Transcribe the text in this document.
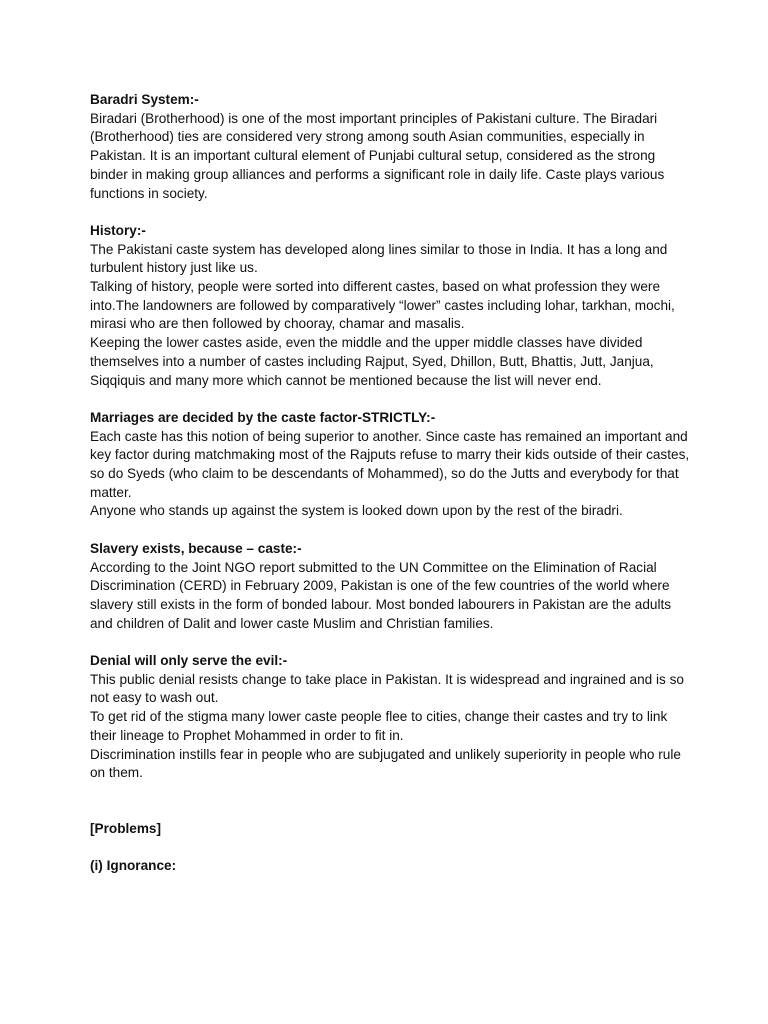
Baradri System:-

Biradari (Brotherhood) is one of the most important principles of Pakistani culture. The Biradari (Brotherhood) ties are considered very strong among south Asian communities, especially in Pakistan. It is an important cultural element of Punjabi cultural setup, considered as the strong binder in making group alliances and performs a significant role in daily life. Caste plays various functions in society.

History:-

The Pakistani caste system has developed along lines similar to those in India. It has a long and turbulent history just like us.

Talking of history, people were sorted into different castes, based on what profession they were into.The landowners are followed by comparatively “lower” castes including lohar, tarkhan, mochi, mirasi who are then followed by chooray, chamar and masalis.

Keeping the lower castes aside, even the middle and the upper middle classes have divided themselves into a number of castes including Rajput, Syed, Dhillon, Butt, Bhattis, Jutt, Janjua, Siqqiquis and many more which cannot be mentioned because the list will never end.

Marriages are decided by the caste factor-STRICTLY:-

Each caste has this notion of being superior to another. Since caste has remained an important and key factor during matchmaking most of the Rajputs refuse to marry their kids outside of their castes, so do Syeds (who claim to be descendants of Mohammed), so do the Jutts and everybody for that matter.

Anyone who stands up against the system is looked down upon by the rest of the biradri.

Slavery exists, because – caste:-

According to the Joint NGO report submitted to the UN Committee on the Elimination of Racial Discrimination (CERD) in February 2009, Pakistan is one of the few countries of the world where slavery still exists in the form of bonded labour. Most bonded labourers in Pakistan are the adults and children of Dalit and lower caste Muslim and Christian families.

Denial will only serve the evil:-

This public denial resists change to take place in Pakistan. It is widespread and ingrained and is so not easy to wash out.

To get rid of the stigma many lower caste people flee to cities, change their castes and try to link their lineage to Prophet Mohammed in order to fit in.

Discrimination instills fear in people who are subjugated and unlikely superiority in people who rule on them.

[Problems]

(i) Ignorance:
